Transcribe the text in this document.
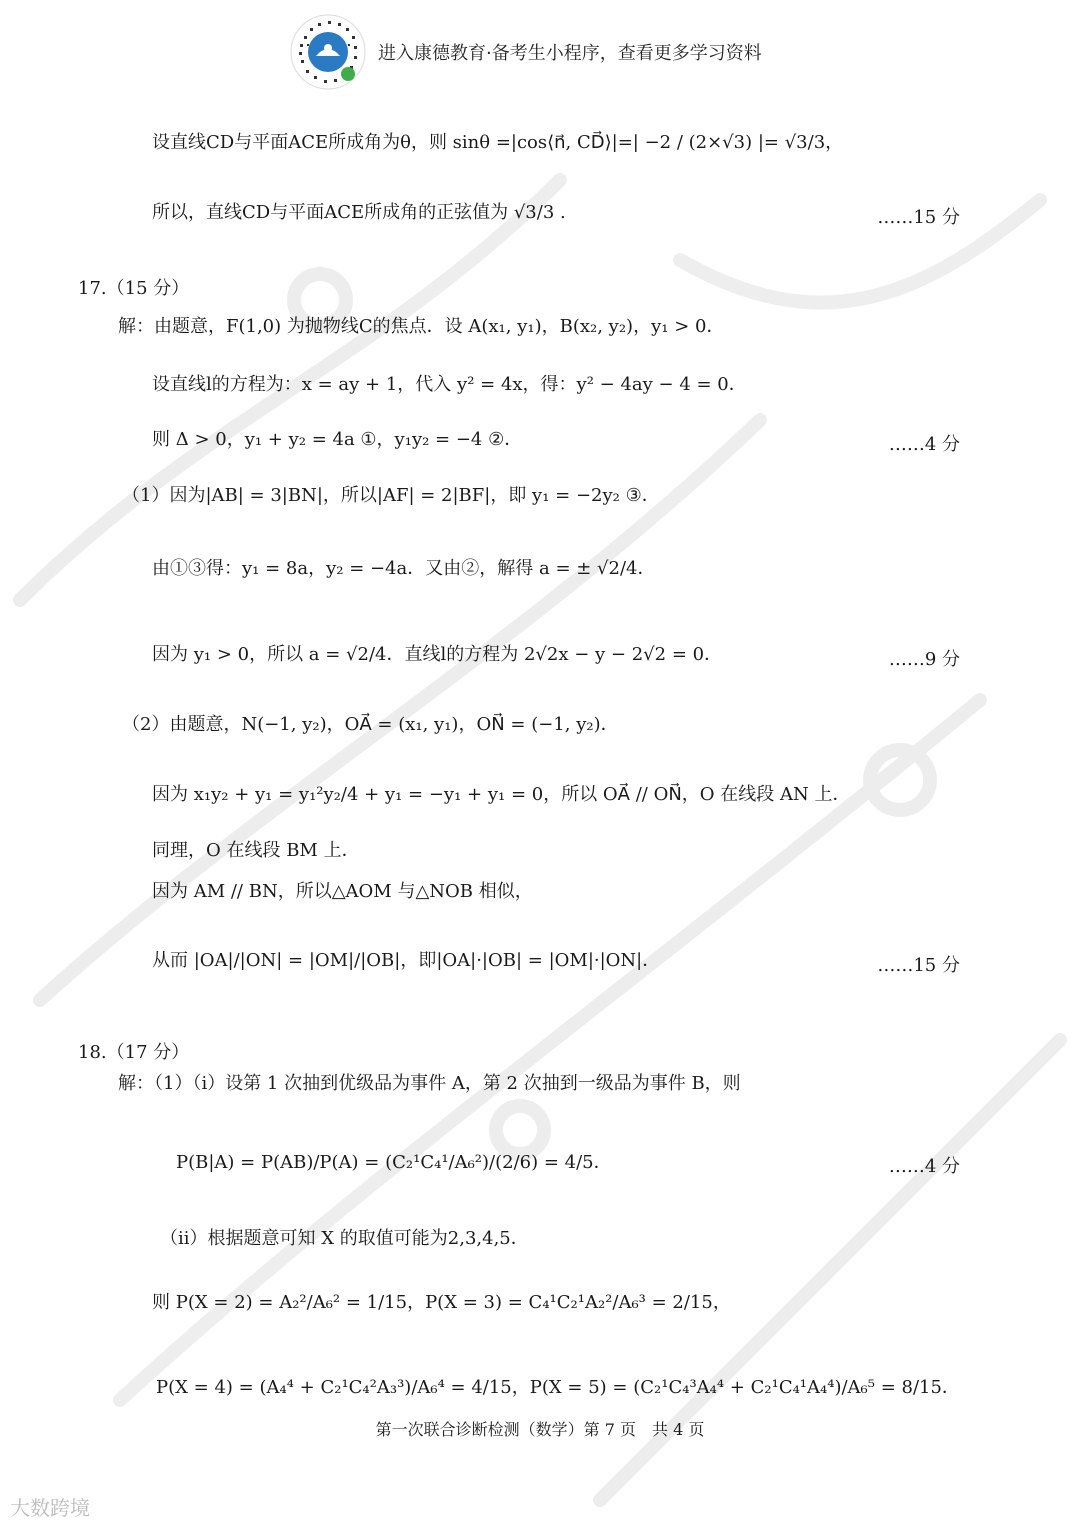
进入康德教育·备考生小程序，查看更多学习资料
设直线CD与平面ACE所成角为θ，则 sinθ =|cos⟨n⃗, CD⃗⟩|=| −2 / (2×√3) |= √3/3，
所以，直线CD与平面ACE所成角的正弦值为 √3/3 .	……15 分
17.（15 分）
解：由题意，F(1,0) 为抛物线C的焦点．设 A(x₁, y₁)，B(x₂, y₂)，y₁ > 0．
设直线l的方程为：x = ay + 1，代入 y² = 4x，得：y² − 4ay − 4 = 0．
则 Δ > 0，y₁ + y₂ = 4a ①，y₁y₂ = −4 ②．	……4 分
（1）因为|AB| = 3|BN|，所以|AF| = 2|BF|，即 y₁ = −2y₂ ③．
由①③得：y₁ = 8a，y₂ = −4a．又由②，解得 a = ± √2/4．
因为 y₁ > 0，所以 a = √2/4．直线l的方程为 2√2x − y − 2√2 = 0．	……9 分
（2）由题意，N(−1, y₂)，OA⃗ = (x₁, y₁)，ON⃗ = (−1, y₂)．
因为 x₁y₂ + y₁ = y₁²y₂/4 + y₁ = −y₁ + y₁ = 0，所以 OA⃗ // ON⃗，O 在线段 AN 上．
同理，O 在线段 BM 上．
因为 AM // BN，所以△AOM 与△NOB 相似，
从而 |OA|/|ON| = |OM|/|OB|，即|OA|·|OB| = |OM|·|ON|．	……15 分
18.（17 分）
解：（1）（i）设第 1 次抽到优级品为事件 A，第 2 次抽到一级品为事件 B，则
P(B|A) = P(AB)/P(A) = (C₂¹C₄¹/A₆²)/(2/6) = 4/5．	……4 分
（ii）根据题意可知 X 的取值可能为2,3,4,5．
则 P(X = 2) = A₂²/A₆² = 1/15，P(X = 3) = C₄¹C₂¹A₂²/A₆³ = 2/15，
P(X = 4) = (A₄⁴ + C₂¹C₄²A₃³)/A₆⁴ = 4/15，P(X = 5) = (C₂¹C₄³A₄⁴ + C₂¹C₄¹A₄⁴)/A₆⁵ = 8/15．
第一次联合诊断检测（数学）第 7 页　共 4 页
大数跨境
